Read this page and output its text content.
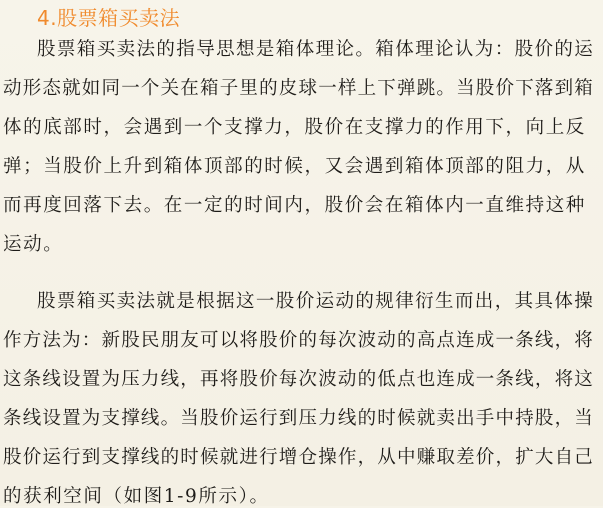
4.股票箱买卖法
股票箱买卖法的指导思想是箱体理论。箱体理论认为：股价的运
动形态就如同一个关在箱子里的皮球一样上下弹跳。当股价下落到箱
体的底部时，会遇到一个支撑力，股价在支撑力的作用下，向上反
弹；当股价上升到箱体顶部的时候，又会遇到箱体顶部的阻力，从
而再度回落下去。在一定的时间内，股价会在箱体内一直维持这种
运动。
股票箱买卖法就是根据这一股价运动的规律衍生而出，其具体操
作方法为：新股民朋友可以将股价的每次波动的高点连成一条线，将
这条线设置为压力线，再将股价每次波动的低点也连成一条线，将这
条线设置为支撑线。当股价运行到压力线的时候就卖出手中持股，当
股价运行到支撑线的时候就进行增仓操作，从中赚取差价，扩大自己
的获利空间（如图1-9所示）。
